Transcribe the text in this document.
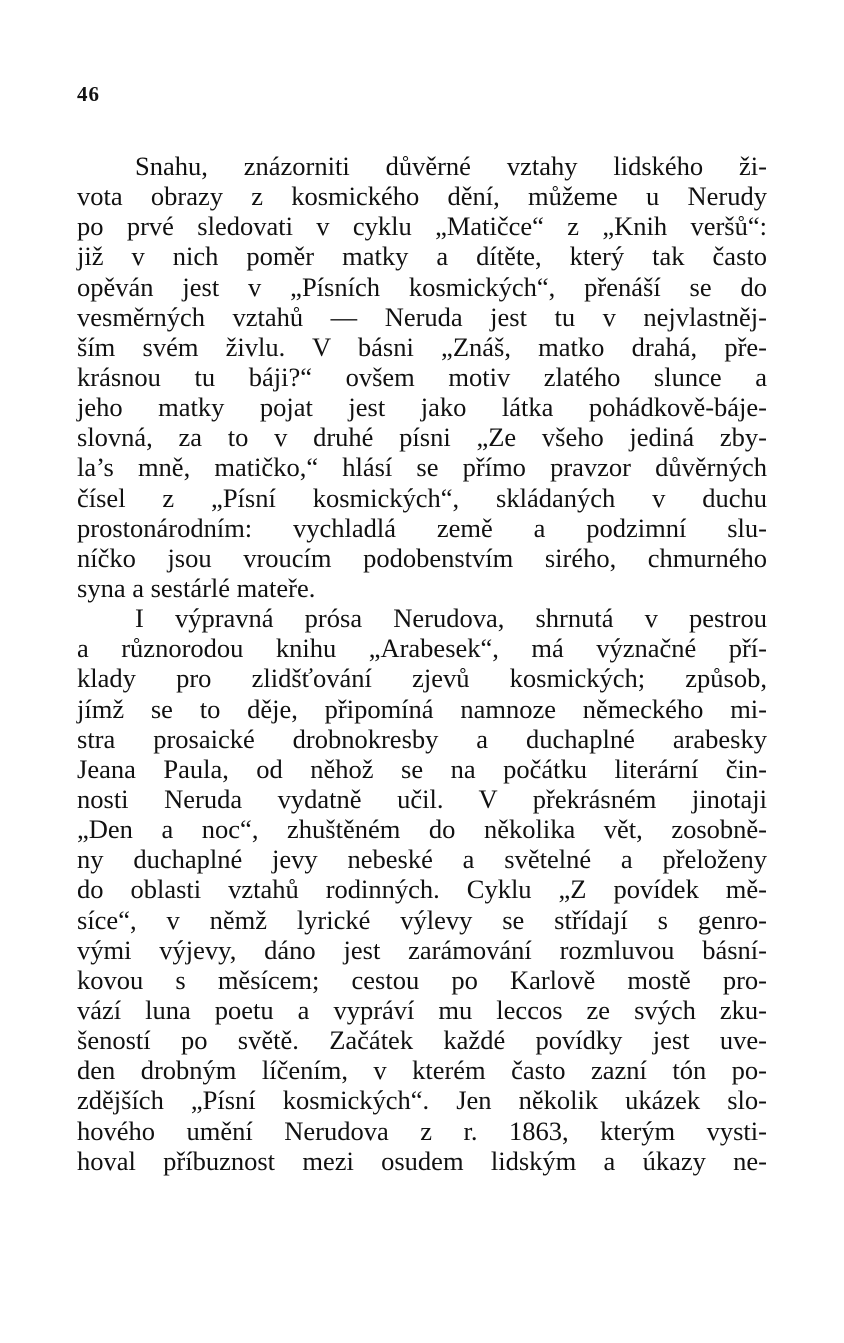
46
Snahu, znázorniti důvěrné vztahy lidského ži-
vota obrazy z kosmického dění, můžeme u Nerudy
po prvé sledovati v cyklu „Matičce“ z „Knih veršů“:
již v nich poměr matky a dítěte, který tak často
opěván jest v „Písních kosmických“, přenáší se do
vesměrných vztahů — Neruda jest tu v nejvlastněj-
ším svém živlu. V básni „Znáš, matko drahá, pře-
krásnou tu báji?“ ovšem motiv zlatého slunce a
jeho matky pojat jest jako látka pohádkově-báje-
slovná, za to v druhé písni „Ze všeho jediná zby-
la’s mně, matičko,“ hlásí se přímo pravzor důvěrných
čísel z „Písní kosmických“, skládaných v duchu
prostonárodním: vychladlá země a podzimní slu-
níčko jsou vroucím podobenstvím sirého, chmurného
syna a sestárlé mateře.
I výpravná prósa Nerudova, shrnutá v pestrou
a různorodou knihu „Arabesek“, má význačné pří-
klady pro zlidšťování zjevů kosmických; způsob,
jímž se to děje, připomíná namnoze německého mi-
stra prosaické drobnokresby a duchaplné arabesky
Jeana Paula, od něhož se na počátku literární čin-
nosti Neruda vydatně učil. V překrásném jinotaji
„Den a noc“, zhuštěném do několika vět, zosobně-
ny duchaplné jevy nebeské a světelné a přeloženy
do oblasti vztahů rodinných. Cyklu „Z povídek mě-
síce“, v němž lyrické výlevy se střídají s genro-
vými výjevy, dáno jest zarámování rozmluvou básní-
kovou s měsícem; cestou po Karlově mostě pro-
vází luna poetu a vypráví mu leccos ze svých zku-
šeností po světě. Začátek každé povídky jest uve-
den drobným líčením, v kterém často zazní tón po-
zdějších „Písní kosmických“. Jen několik ukázek slo-
hového umění Nerudova z r. 1863, kterým vysti-
hoval příbuznost mezi osudem lidským a úkazy ne-
